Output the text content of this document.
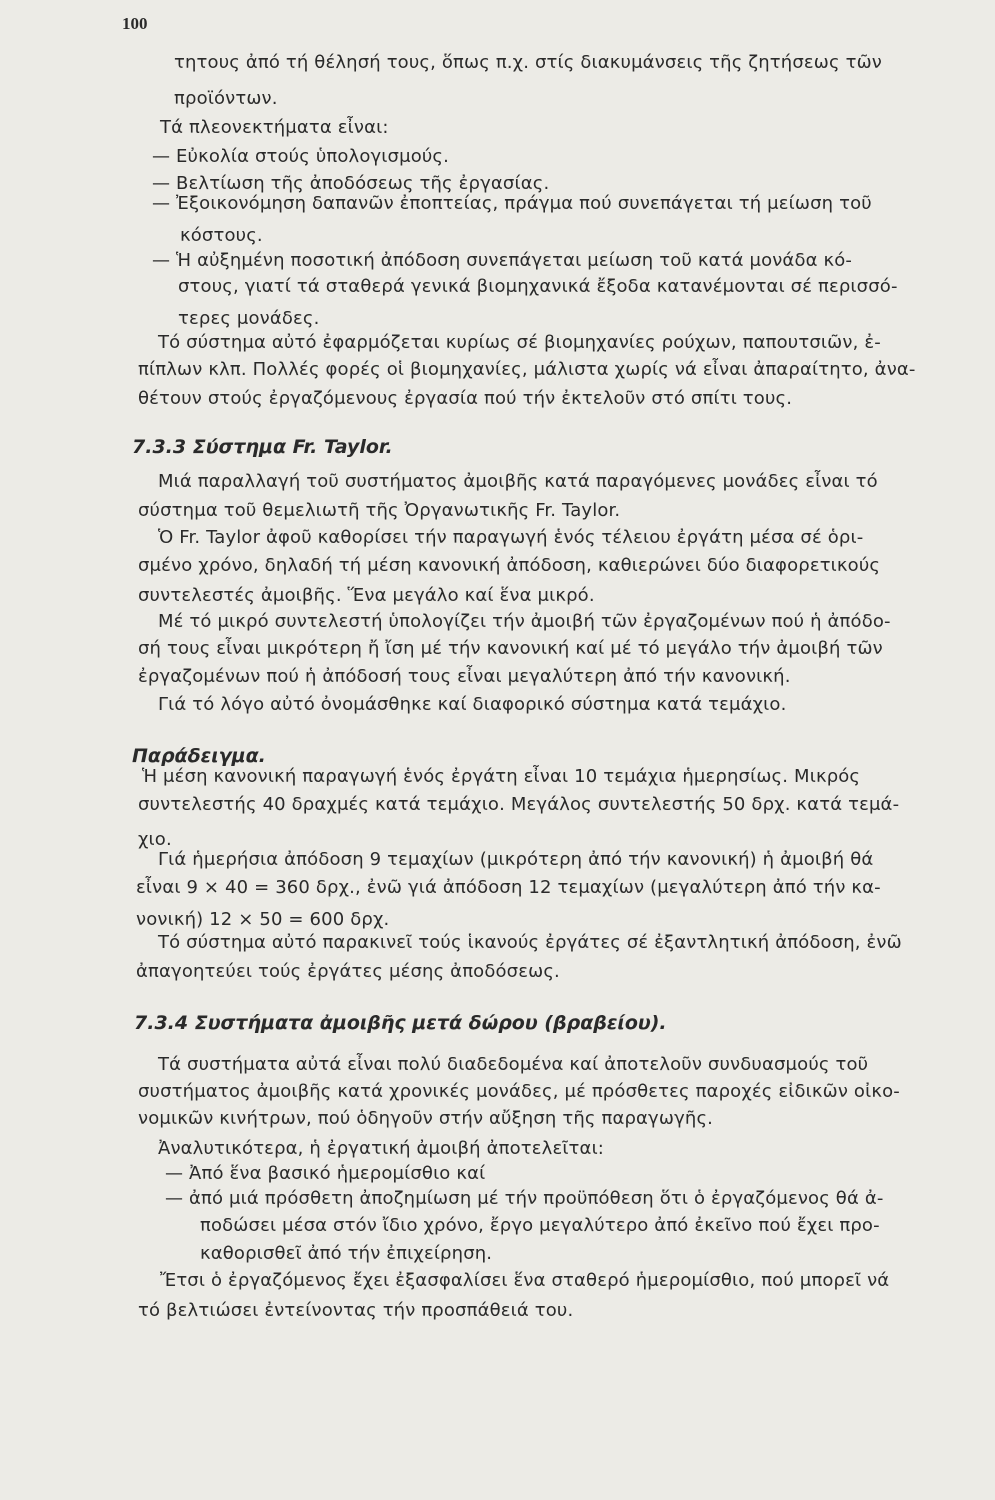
100
τητους ἀπό τή θέλησή τους, ὅπως π.χ. στίς διακυμάνσεις τῆς ζητήσεως τῶν
προϊόντων.
Τά πλεονεκτήματα εἶναι:
— Εὐκολία στούς ὑπολογισμούς.
— Βελτίωση τῆς ἀποδόσεως τῆς ἐργασίας.
— Ἐξοικονόμηση δαπανῶν ἐποπτείας, πράγμα πού συνεπάγεται τή μείωση τοῦ
κόστους.
— Ἡ αὐξημένη ποσοτική ἀπόδοση συνεπάγεται μείωση τοῦ κατά μονάδα κό-
στους, γιατί τά σταθερά γενικά βιομηχανικά ἔξοδα κατανέμονται σέ περισσό-
τερες μονάδες.
Τό σύστημα αὐτό ἐφαρμόζεται κυρίως σέ βιομηχανίες ρούχων, παπουτσιῶν, ἐ-
πίπλων κλπ. Πολλές φορές οἱ βιομηχανίες, μάλιστα χωρίς νά εἶναι ἀπαραίτητο, ἀνα-
θέτουν στούς ἐργαζόμενους ἐργασία πού τήν ἐκτελοῦν στό σπίτι τους.
7.3.3 Σύστημα Fr. Taylor.
Μιά παραλλαγή τοῦ συστήματος ἀμοιβῆς κατά παραγόμενες μονάδες εἶναι τό
σύστημα τοῦ θεμελιωτῆ τῆς Ὀργανωτικῆς Fr. Taylor.
Ὁ Fr. Taylor ἀφοῦ καθορίσει τήν παραγωγή ἑνός τέλειου ἐργάτη μέσα σέ ὁρι-
σμένο χρόνο, δηλαδή τή μέση κανονική ἀπόδοση, καθιερώνει δύο διαφορετικούς
συντελεστές ἀμοιβῆς. Ἕνα μεγάλο καί ἕνα μικρό.
Μέ τό μικρό συντελεστή ὑπολογίζει τήν ἀμοιβή τῶν ἐργαζομένων πού ἡ ἀπόδο-
σή τους εἶναι μικρότερη ἤ ἴση μέ τήν κανονική καί μέ τό μεγάλο τήν ἀμοιβή τῶν
ἐργαζομένων πού ἡ ἀπόδοσή τους εἶναι μεγαλύτερη ἀπό τήν κανονική.
Γιά τό λόγο αὐτό ὀνομάσθηκε καί διαφορικό σύστημα κατά τεμάχιο.
Παράδειγμα.
Ἡ μέση κανονική παραγωγή ἑνός ἐργάτη εἶναι 10 τεμάχια ἡμερησίως. Μικρός
συντελεστής 40 δραχμές κατά τεμάχιο. Μεγάλος συντελεστής 50 δρχ. κατά τεμά-
χιο.
Γιά ἡμερήσια ἀπόδοση 9 τεμαχίων (μικρότερη ἀπό τήν κανονική) ἡ ἀμοιβή θά
εἶναι 9 × 40 = 360 δρχ., ἐνῶ γιά ἀπόδοση 12 τεμαχίων (μεγαλύτερη ἀπό τήν κα-
νονική) 12 × 50 = 600 δρχ.
Τό σύστημα αὐτό παρακινεῖ τούς ἱκανούς ἐργάτες σέ ἐξαντλητική ἀπόδοση, ἐνῶ
ἀπαγοητεύει τούς ἐργάτες μέσης ἀποδόσεως.
7.3.4 Συστήματα ἀμοιβῆς μετά δώρου (βραβείου).
Τά συστήματα αὐτά εἶναι πολύ διαδεδομένα καί ἀποτελοῦν συνδυασμούς τοῦ
συστήματος ἀμοιβῆς κατά χρονικές μονάδες, μέ πρόσθετες παροχές εἰδικῶν οἰκο-
νομικῶν κινήτρων, πού ὁδηγοῦν στήν αὔξηση τῆς παραγωγῆς.
Ἀναλυτικότερα, ἡ ἐργατική ἀμοιβή ἀποτελεῖται:
— Ἀπό ἕνα βασικό ἡμερομίσθιο καί
— ἀπό μιά πρόσθετη ἀποζημίωση μέ τήν προϋπόθεση ὅτι ὁ ἐργαζόμενος θά ἀ-
ποδώσει μέσα στόν ἴδιο χρόνο, ἔργο μεγαλύτερο ἀπό ἐκεῖνο πού ἔχει προ-
καθορισθεῖ ἀπό τήν ἐπιχείρηση.
Ἔτσι ὁ ἐργαζόμενος ἔχει ἐξασφαλίσει ἕνα σταθερό ἡμερομίσθιο, πού μπορεῖ νά
τό βελτιώσει ἐντείνοντας τήν προσπάθειά του.
